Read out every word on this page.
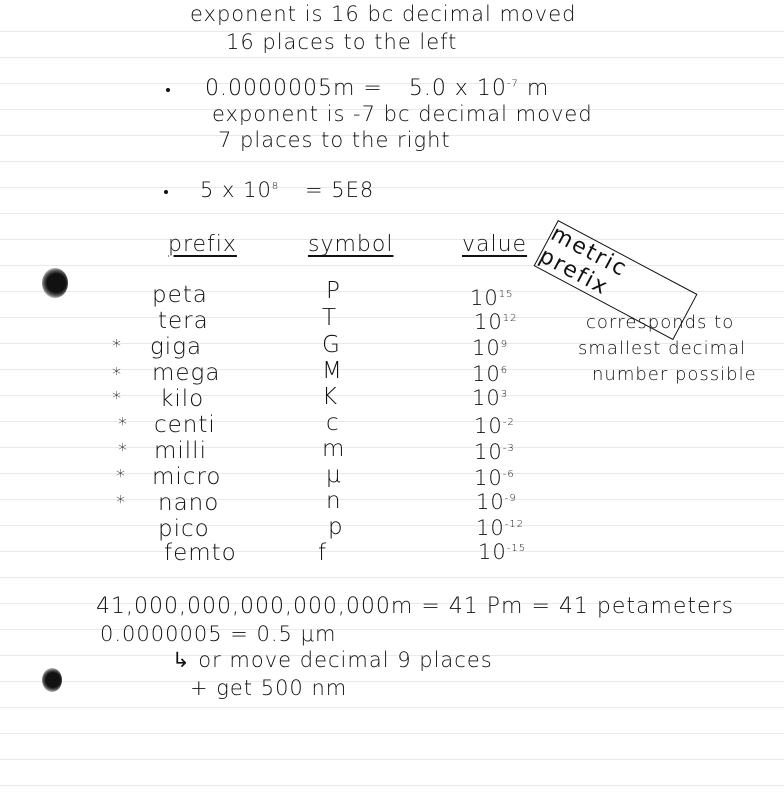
exponent is 16 bc decimal moved
16 places to the left
0.0000005m = 5.0 x $10^{-7}$ m
exponent is -7 bc decimal moved
7 places to the right
5 x $10^8 = 5E8$
metric prefix
corresponds to
smallest decimal
number possible
prefix	symbol	value
peta	P	$10^{15}$
tera	T	$10^{12}$
* giga	G	$10^9$
* mega	M	$10^6$
* kilo	K	$10^3$
* centi	c	$10^{-2}$
* milli	m	$10^{-3}$
* micro	μ	$10^{-6}$
* nano	n	$10^{-9}$
pico	p	$10^{-12}$
femto	f	$10^{-15}$
41,000,000,000,000,000m = 41 Pm = 41 petameters
0.0000005 = 0.5 μm
↳ or move decimal 9 places
+ get 500 nm
